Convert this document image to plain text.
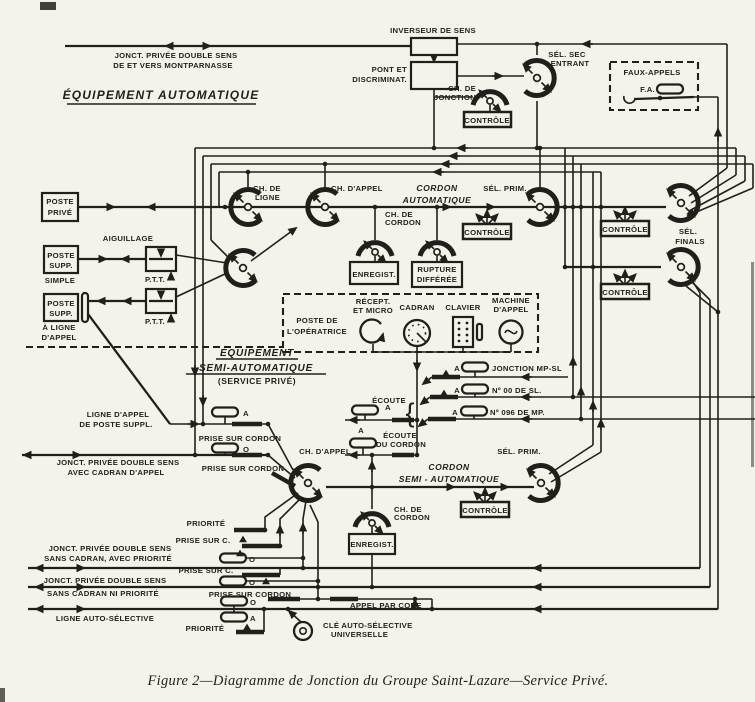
ÉQUIPEMENT AUTOMATIQUE
INVERSEUR DE SENS
JONCT. PRIVÉE DOUBLE SENS
DE ET VERS MONTPARNASSE	PONT ET
DISCRIMINAT.
CH. DE
JONCTION
CONTRÔLE
SÉL. SEC
ENTRANT
FAUX-APPELS
F.A.
POSTE
PRIVÉ
CH. DE
LIGNE
CH. D'APPEL	CORDON
AUTOMATIQUE
CH. DE
CORDON
ENREGIST.
RUPTURE
DIFFÉRÉE
CONTRÔLE
SÉL. PRIM.
CONTRÔLE
CONTRÔLE
SÉL.
FINALS
AIGUILLAGE
POSTE
SUPP.
SIMPLE	P.T.T.
POSTE
SUPP.
À LIGNE
D'APPEL
P.T.T.	POSTE DE
L'OPÉRATRICE
RÉCEPT.
ET MICRO CADRAN CLAVIER
MACHINE
D'APPEL
ÉQUIPEMENT
SEMI-AUTOMATIQUE
(SERVICE PRIVÉ)
A	JONCTION MP-SL
A	Nº 00 DE SL.
A	Nº 096 DE MP.
ÉCOUTE {
A
A
ÉCOUTE
DU CORDON
LIGNE D'APPEL
DE POSTE SUPPL.
A
PRISE SUR CORDON
O
JONCT. PRIVÉE DOUBLE SENS
AVEC CADRAN D'APPEL	PRISE SUR CORDON
CH. D'APPEL
CORDON
SEMI - AUTOMATIQUE
SÉL. PRIM.
CONTRÔLE
CH. DE
CORDON
ENREGIST.
PRIORITÉ
PRISE SUR C.
O
JONCT. PRIVÉE DOUBLE SENS
SANS CADRAN, AVEC PRIORITÉ
PRISE SUR C.
O
JONCT. PRIVÉE DOUBLE SENS
SANS CADRAN NI PRIORITÉ	PRISE SUR CORDON
O
A
LIGNE AUTO-SÉLECTIVE
PRIORITÉ
APPEL PAR CODE
CLÉ AUTO-SÉLECTIVE
UNIVERSELLE
Figure 2—Diagramme de Jonction du Groupe Saint-Lazare—Service Privé.
